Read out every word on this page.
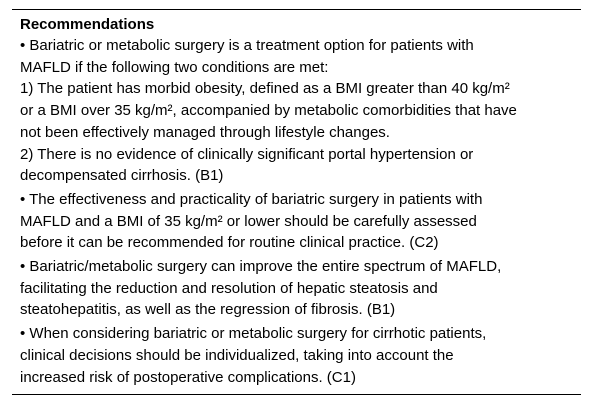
Recommendations
• Bariatric or metabolic surgery is a treatment option for patients with
MAFLD if the following two conditions are met:
1) The patient has morbid obesity, defined as a BMI greater than 40 kg/m²
or a BMI over 35 kg/m², accompanied by metabolic comorbidities that have
not been effectively managed through lifestyle changes.
2) There is no evidence of clinically significant portal hypertension or
decompensated cirrhosis. (B1)
• The effectiveness and practicality of bariatric surgery in patients with
MAFLD and a BMI of 35 kg/m² or lower should be carefully assessed
before it can be recommended for routine clinical practice. (C2)
• Bariatric/metabolic surgery can improve the entire spectrum of MAFLD,
facilitating the reduction and resolution of hepatic steatosis and
steatohepatitis, as well as the regression of fibrosis. (B1)
• When considering bariatric or metabolic surgery for cirrhotic patients,
clinical decisions should be individualized, taking into account the
increased risk of postoperative complications. (C1)
